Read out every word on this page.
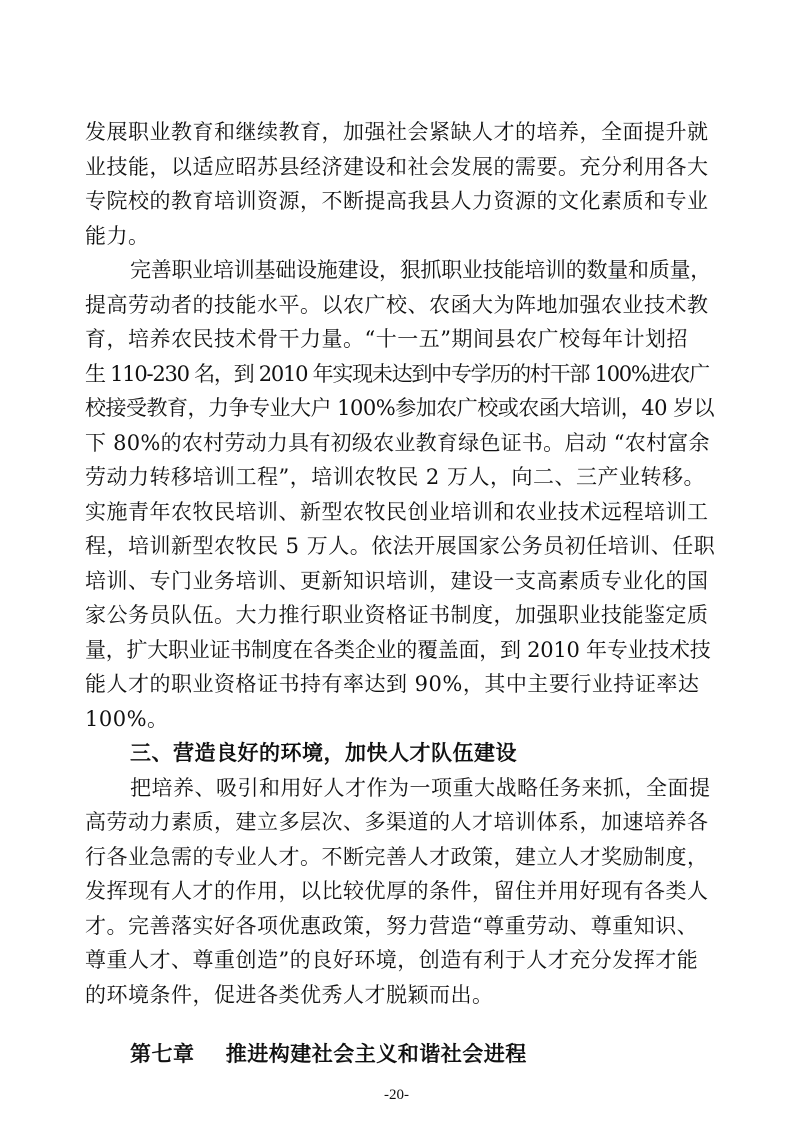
发展职业教育和继续教育，加强社会紧缺人才的培养，全面提升就
业技能，以适应昭苏县经济建设和社会发展的需要。充分利用各大
专院校的教育培训资源，不断提高我县人力资源的文化素质和专业
能力。
完善职业培训基础设施建设，狠抓职业技能培训的数量和质量，
提高劳动者的技能水平。以农广校、农函大为阵地加强农业技术教
育，培养农民技术骨干力量。“十一五”期间县农广校每年计划招
生 110-230 名，到 2010 年实现未达到中专学历的村干部 100%进农广
校接受教育，力争专业大户 100%参加农广校或农函大培训，40 岁以
下 80%的农村劳动力具有初级农业教育绿色证书。启动 “农村富余
劳动力转移培训工程”，培训农牧民 2 万人，向二、三产业转移。
实施青年农牧民培训、新型农牧民创业培训和农业技术远程培训工
程，培训新型农牧民 5 万人。依法开展国家公务员初任培训、任职
培训、专门业务培训、更新知识培训，建设一支高素质专业化的国
家公务员队伍。大力推行职业资格证书制度，加强职业技能鉴定质
量，扩大职业证书制度在各类企业的覆盖面，到 2010 年专业技术技
能人才的职业资格证书持有率达到 90%，其中主要行业持证率达
100%。
三、营造良好的环境，加快人才队伍建设
把培养、吸引和用好人才作为一项重大战略任务来抓，全面提
高劳动力素质，建立多层次、多渠道的人才培训体系，加速培养各
行各业急需的专业人才。不断完善人才政策，建立人才奖励制度，
发挥现有人才的作用，以比较优厚的条件，留住并用好现有各类人
才。完善落实好各项优惠政策，努力营造“尊重劳动、尊重知识、
尊重人才、尊重创造”的良好环境，创造有利于人才充分发挥才能
的环境条件，促进各类优秀人才脱颖而出。
第七章    推进构建社会主义和谐社会进程
-20-
